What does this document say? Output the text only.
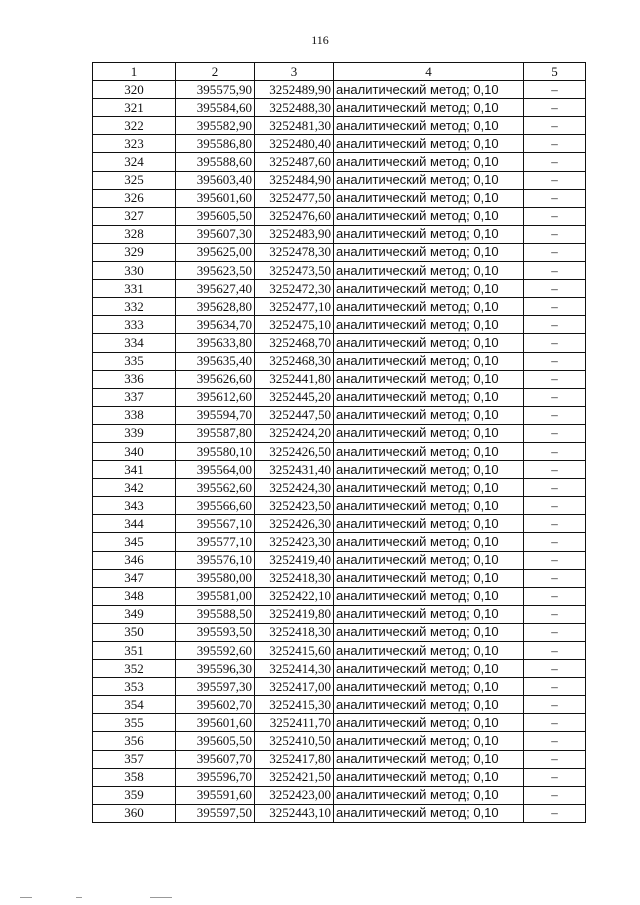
116
1	2	3	4	5
320	395575,90	3252489,90	аналитический метод; 0,10	–
321	395584,60	3252488,30	аналитический метод; 0,10	–
322	395582,90	3252481,30	аналитический метод; 0,10	–
323	395586,80	3252480,40	аналитический метод; 0,10	–
324	395588,60	3252487,60	аналитический метод; 0,10	–
325	395603,40	3252484,90	аналитический метод; 0,10	–
326	395601,60	3252477,50	аналитический метод; 0,10	–
327	395605,50	3252476,60	аналитический метод; 0,10	–
328	395607,30	3252483,90	аналитический метод; 0,10	–
329	395625,00	3252478,30	аналитический метод; 0,10	–
330	395623,50	3252473,50	аналитический метод; 0,10	–
331	395627,40	3252472,30	аналитический метод; 0,10	–
332	395628,80	3252477,10	аналитический метод; 0,10	–
333	395634,70	3252475,10	аналитический метод; 0,10	–
334	395633,80	3252468,70	аналитический метод; 0,10	–
335	395635,40	3252468,30	аналитический метод; 0,10	–
336	395626,60	3252441,80	аналитический метод; 0,10	–
337	395612,60	3252445,20	аналитический метод; 0,10	–
338	395594,70	3252447,50	аналитический метод; 0,10	–
339	395587,80	3252424,20	аналитический метод; 0,10	–
340	395580,10	3252426,50	аналитический метод; 0,10	–
341	395564,00	3252431,40	аналитический метод; 0,10	–
342	395562,60	3252424,30	аналитический метод; 0,10	–
343	395566,60	3252423,50	аналитический метод; 0,10	–
344	395567,10	3252426,30	аналитический метод; 0,10	–
345	395577,10	3252423,30	аналитический метод; 0,10	–
346	395576,10	3252419,40	аналитический метод; 0,10	–
347	395580,00	3252418,30	аналитический метод; 0,10	–
348	395581,00	3252422,10	аналитический метод; 0,10	–
349	395588,50	3252419,80	аналитический метод; 0,10	–
350	395593,50	3252418,30	аналитический метод; 0,10	–
351	395592,60	3252415,60	аналитический метод; 0,10	–
352	395596,30	3252414,30	аналитический метод; 0,10	–
353	395597,30	3252417,00	аналитический метод; 0,10	–
354	395602,70	3252415,30	аналитический метод; 0,10	–
355	395601,60	3252411,70	аналитический метод; 0,10	–
356	395605,50	3252410,50	аналитический метод; 0,10	–
357	395607,70	3252417,80	аналитический метод; 0,10	–
358	395596,70	3252421,50	аналитический метод; 0,10	–
359	395591,60	3252423,00	аналитический метод; 0,10	–
360	395597,50	3252443,10	аналитический метод; 0,10	–
